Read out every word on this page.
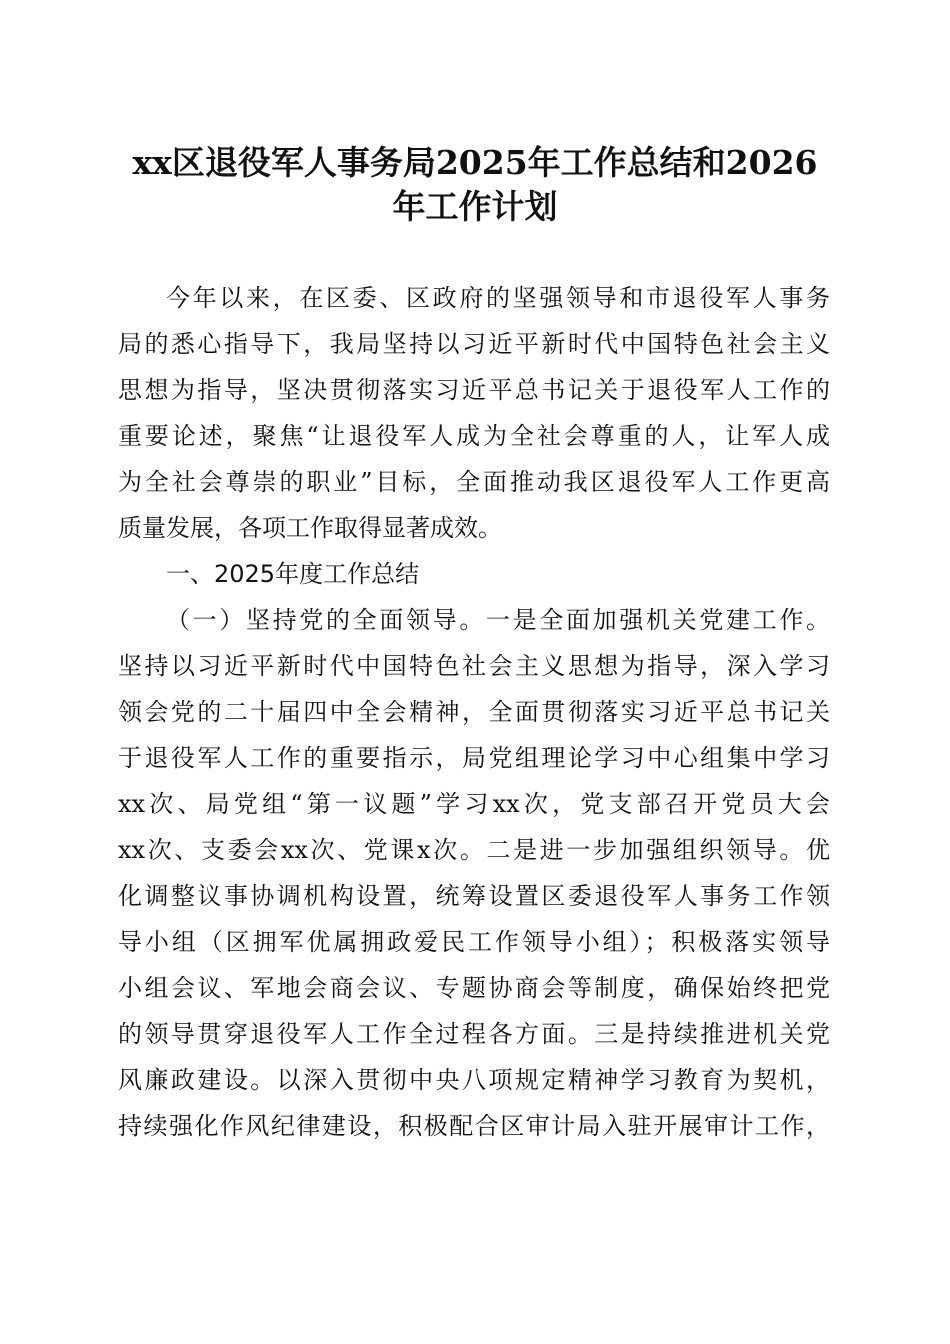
xx区退役军人事务局2025年工作总结和2026
年工作计划

今年以来，在区委、区政府的坚强领导和市退役军人事务

局的悉心指导下，我局坚持以习近平新时代中国特色社会主义

思想为指导，坚决贯彻落实习近平总书记关于退役军人工作的

重要论述，聚焦“让退役军人成为全社会尊重的人，让军人成

为全社会尊崇的职业”目标，全面推动我区退役军人工作更高

质量发展，各项工作取得显著成效。

一、2025年度工作总结

（一）坚持党的全面领导。一是全面加强机关党建工作。

坚持以习近平新时代中国特色社会主义思想为指导，深入学习

领会党的二十届四中全会精神，全面贯彻落实习近平总书记关

于退役军人工作的重要指示，局党组理论学习中心组集中学习

xx次、局党组“第一议题”学习xx次，党支部召开党员大会

xx次、支委会xx次、党课x次。二是进一步加强组织领导。优

化调整议事协调机构设置，统筹设置区委退役军人事务工作领

导小组（区拥军优属拥政爱民工作领导小组）；积极落实领导

小组会议、军地会商会议、专题协商会等制度，确保始终把党

的领导贯穿退役军人工作全过程各方面。三是持续推进机关党

风廉政建设。以深入贯彻中央八项规定精神学习教育为契机，

持续强化作风纪律建设，积极配合区审计局入驻开展审计工作，
